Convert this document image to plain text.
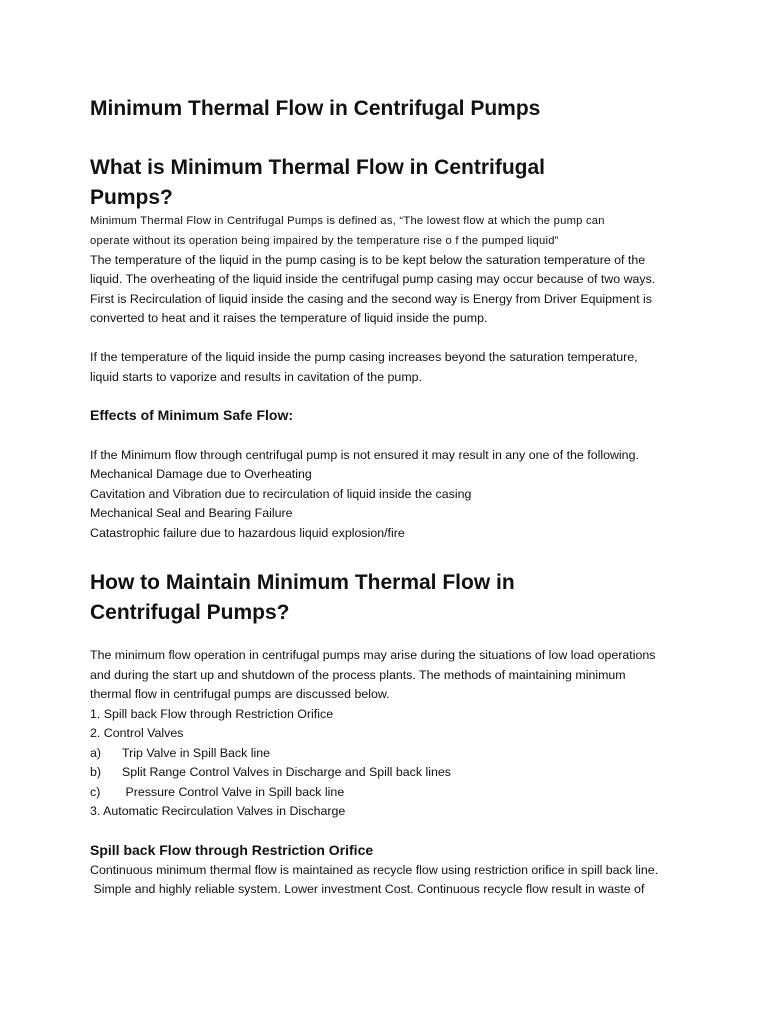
Minimum Thermal Flow in Centrifugal Pumps
What is Minimum Thermal Flow in Centrifugal
Pumps?
Minimum Thermal Flow in Centrifugal Pumps is defined as, “The lowest flow at which the pump can
operate without its operation being impaired by the temperature rise o f the pumped liquid”
The temperature of the liquid in the pump casing is to be kept below the saturation temperature of the
liquid. The overheating of the liquid inside the centrifugal pump casing may occur because of two ways.
First is Recirculation of liquid inside the casing and the second way is Energy from Driver Equipment is
converted to heat and it raises the temperature of liquid inside the pump.
If the temperature of the liquid inside the pump casing increases beyond the saturation temperature,
liquid starts to vaporize and results in cavitation of the pump.
Effects of Minimum Safe Flow:
If the Minimum flow through centrifugal pump is not ensured it may result in any one of the following.
Mechanical Damage due to Overheating
Cavitation and Vibration due to recirculation of liquid inside the casing
Mechanical Seal and Bearing Failure
Catastrophic failure due to hazardous liquid explosion/fire
How to Maintain Minimum Thermal Flow in
Centrifugal Pumps?
The minimum flow operation in centrifugal pumps may arise during the situations of low load operations
and during the start up and shutdown of the process plants. The methods of maintaining minimum
thermal flow in centrifugal pumps are discussed below.
1. Spill back Flow through Restriction Orifice
2. Control Valves
a) Trip Valve in Spill Back line
b) Split Range Control Valves in Discharge and Spill back lines
c) Pressure Control Valve in Spill back line
3. Automatic Recirculation Valves in Discharge
Spill back Flow through Restriction Orifice
Continuous minimum thermal flow is maintained as recycle flow using restriction orifice in spill back line.
Simple and highly reliable system. Lower investment Cost. Continuous recycle flow result in waste of
